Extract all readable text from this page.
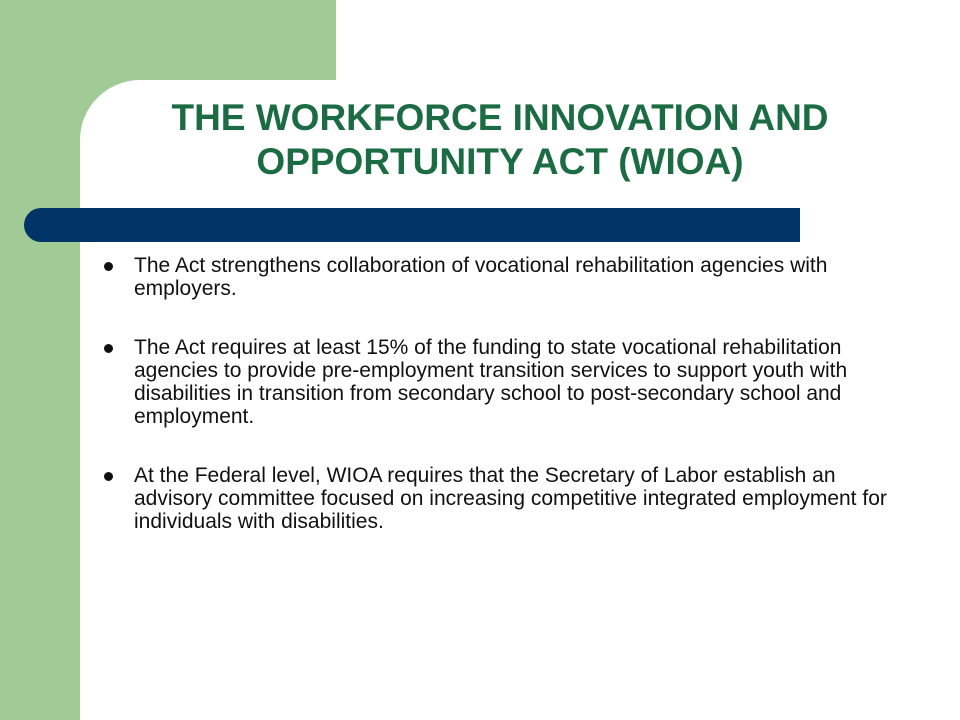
THE WORKFORCE INNOVATION AND
OPPORTUNITY ACT (WIOA)
The Act strengthens collaboration of vocational rehabilitation agencies with employers.
The Act requires at least 15% of the funding to state vocational rehabilitation agencies to provide pre-employment transition services to support youth with disabilities in transition from secondary school to post-secondary school and employment.
At the Federal level, WIOA requires that the Secretary of Labor establish an advisory committee focused on increasing competitive integrated employment for individuals with disabilities.
